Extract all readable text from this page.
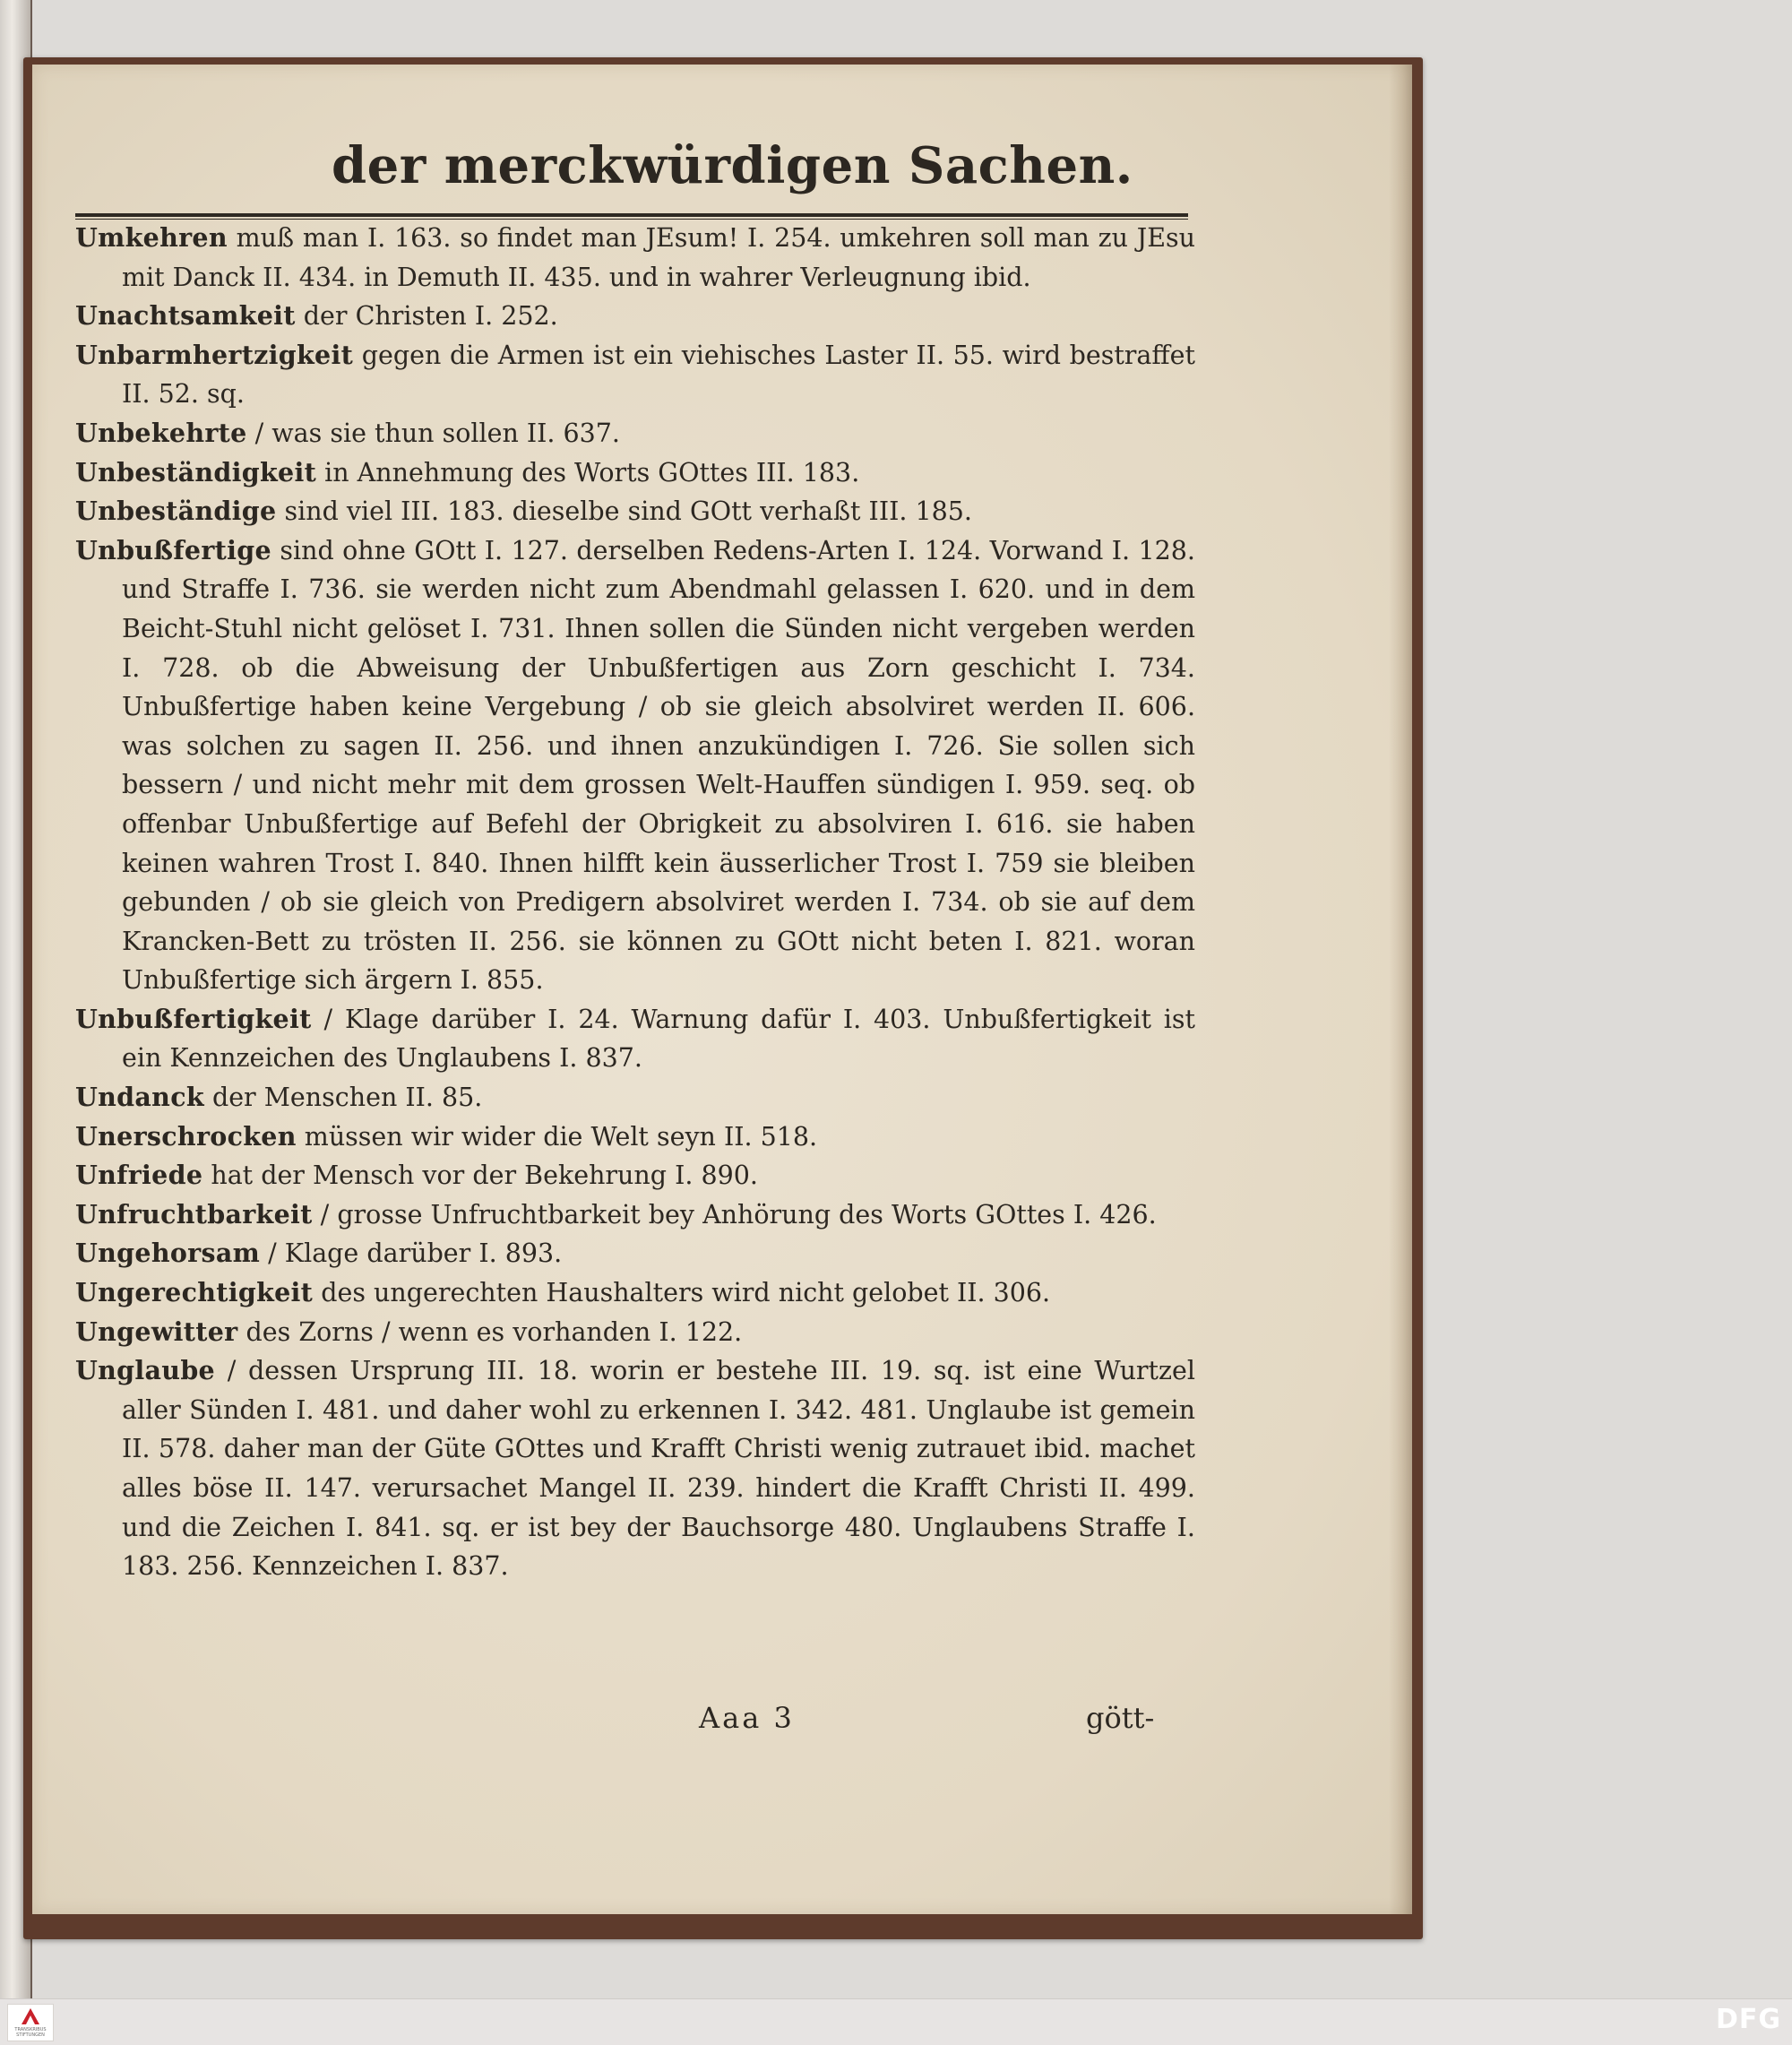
der merckwürdigen Sachen.
Umkehren muß man I. 163. so findet man JEsum! I. 254. umkehren soll man zu JEsu mit Danck II. 434. in Demuth II. 435. und in wahrer Verleugnung ibid.
Unachtsamkeit der Christen I. 252.
Unbarmhertzigkeit gegen die Armen ist ein viehisches Laster II. 55. wird bestraffet II. 52. sq.
Unbekehrte / was sie thun sollen II. 637.
Unbeständigkeit in Annehmung des Worts GOttes III. 183.
Unbeständige sind viel III. 183. dieselbe sind GOtt verhaßt III. 185.
Unbußfertige sind ohne GOtt I. 127. derselben Redens-Arten I. 124. Vorwand I. 128. und Straffe I. 736. sie werden nicht zum Abendmahl gelassen I. 620. und in dem Beicht-Stuhl nicht gelöset I. 731. Ihnen sollen die Sünden nicht vergeben werden I. 728. ob die Abweisung der Unbußfertigen aus Zorn geschicht I. 734. Unbußfertige haben keine Vergebung / ob sie gleich absolviret werden II. 606. was solchen zu sagen II. 256. und ihnen anzukündigen I. 726. Sie sollen sich bessern / und nicht mehr mit dem grossen Welt-Hauffen sündigen I. 959. seq. ob offenbar Unbußfertige auf Befehl der Obrigkeit zu absolviren I. 616. sie haben keinen wahren Trost I. 840. Ihnen hilfft kein äusserlicher Trost I. 759 sie bleiben gebunden / ob sie gleich von Predigern absolviret werden I. 734. ob sie auf dem Krancken-Bett zu trösten II. 256. sie können zu GOtt nicht beten I. 821. woran Unbußfertige sich ärgern I. 855.
Unbußfertigkeit / Klage darüber I. 24. Warnung dafür I. 403. Unbußfertigkeit ist ein Kennzeichen des Unglaubens I. 837.
Undanck der Menschen II. 85.
Unerschrocken müssen wir wider die Welt seyn II. 518.
Unfriede hat der Mensch vor der Bekehrung I. 890.
Unfruchtbarkeit / grosse Unfruchtbarkeit bey Anhörung des Worts GOttes I. 426.
Ungehorsam / Klage darüber I. 893.
Ungerechtigkeit des ungerechten Haushalters wird nicht gelobet II. 306.
Ungewitter des Zorns / wenn es vorhanden I. 122.
Unglaube / dessen Ursprung III. 18. worin er bestehe III. 19. sq. ist eine Wurtzel aller Sünden I. 481. und daher wohl zu erkennen I. 342. 481. Unglaube ist gemein II. 578. daher man der Güte GOttes und Krafft Christi wenig zutrauet ibid. machet alles böse II. 147. verursachet Mangel II. 239. hindert die Krafft Christi II. 499. und die Zeichen I. 841. sq. er ist bey der Bauchsorge 480. Unglaubens Straffe I. 183. 256. Kennzeichen I. 837.
Aaa 3	gött-
TRANSKRIBUS STIFTUNGEN	DFG
